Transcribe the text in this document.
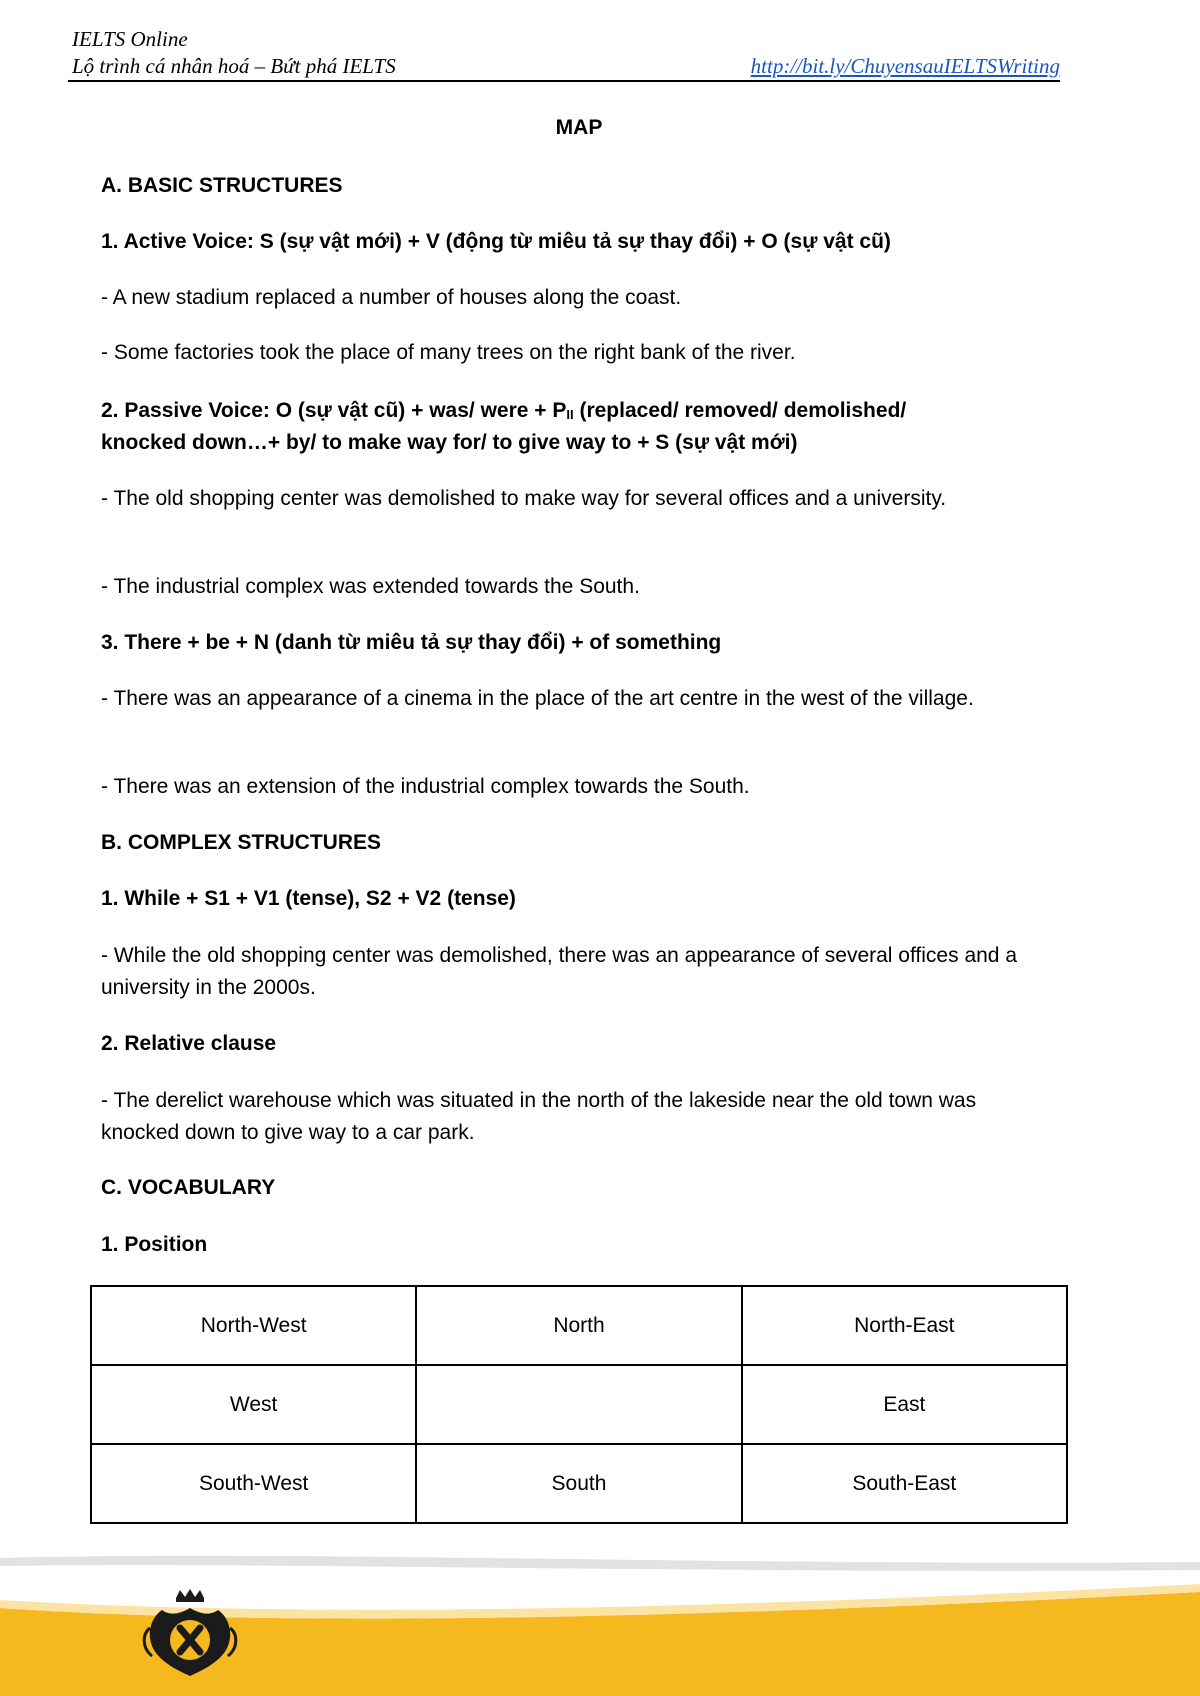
IELTS Online
Lộ trình cá nhân hoá – Bứt phá IELTS	http://bit.ly/ChuyensauIELTSWriting
MAP
A. BASIC STRUCTURES
1. Active Voice: S (sự vật mới) + V (động từ miêu tả sự thay đổi) + O (sự vật cũ)
- A new stadium replaced a number of houses along the coast.
- Some factories took the place of many trees on the right bank of the river.
2. Passive Voice: O (sự vật cũ) + was/ were + $P_{II}$ (replaced/ removed/ demolished/
knocked down…+ by/ to make way for/ to give way to + S (sự vật mới)
- The old shopping center was demolished to make way for several offices and a university.
- The industrial complex was extended towards the South.
3. There + be + N (danh từ miêu tả sự thay đổi) + of something
- There was an appearance of a cinema in the place of the art centre in the west of the village.
- There was an extension of the industrial complex towards the South.
B. COMPLEX STRUCTURES
1. While + S1 + V1 (tense), S2 + V2 (tense)
- While the old shopping center was demolished, there was an appearance of several offices and a university in the 2000s.
2. Relative clause
- The derelict warehouse which was situated in the north of the lakeside near the old town was knocked down to give way to a car park.
C. VOCABULARY
1. Position
North-West	North	North-East
West		East
South-West	South	South-East
